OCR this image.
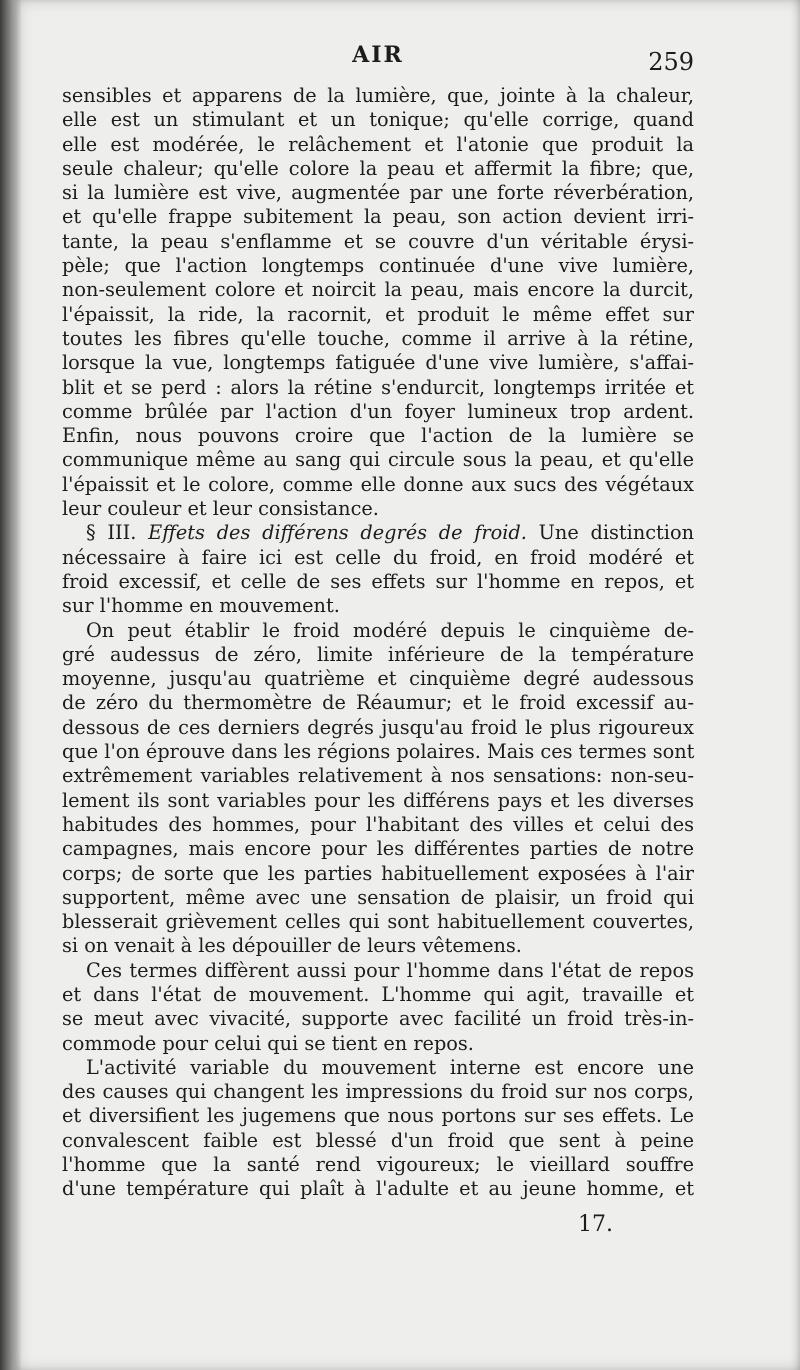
AIR	259
sensibles et apparens de la lumière, que, jointe à la chaleur,
elle est un stimulant et un tonique; qu'elle corrige, quand
elle est modérée, le relâchement et l'atonie que produit la
seule chaleur; qu'elle colore la peau et affermit la fibre; que,
si la lumière est vive, augmentée par une forte réverbération,
et qu'elle frappe subitement la peau, son action devient irri-
tante, la peau s'enflamme et se couvre d'un véritable érysi-
pèle; que l'action longtemps continuée d'une vive lumière,
non-seulement colore et noircit la peau, mais encore la durcit,
l'épaissit, la ride, la racornit, et produit le même effet sur
toutes les fibres qu'elle touche, comme il arrive à la rétine,
lorsque la vue, longtemps fatiguée d'une vive lumière, s'affai-
blit et se perd : alors la rétine s'endurcit, longtemps irritée et
comme brûlée par l'action d'un foyer lumineux trop ardent.
Enfin, nous pouvons croire que l'action de la lumière se
communique même au sang qui circule sous la peau, et qu'elle
l'épaissit et le colore, comme elle donne aux sucs des végétaux
leur couleur et leur consistance.
§ III. Effets des différens degrés de froid. Une distinction
nécessaire à faire ici est celle du froid, en froid modéré et
froid excessif, et celle de ses effets sur l'homme en repos, et
sur l'homme en mouvement.
On peut établir le froid modéré depuis le cinquième de-
gré audessus de zéro, limite inférieure de la température
moyenne, jusqu'au quatrième et cinquième degré audessous
de zéro du thermomètre de Réaumur; et le froid excessif au-
dessous de ces derniers degrés jusqu'au froid le plus rigoureux
que l'on éprouve dans les régions polaires. Mais ces termes sont
extrêmement variables relativement à nos sensations: non-seu-
lement ils sont variables pour les différens pays et les diverses
habitudes des hommes, pour l'habitant des villes et celui des
campagnes, mais encore pour les différentes parties de notre
corps; de sorte que les parties habituellement exposées à l'air
supportent, même avec une sensation de plaisir, un froid qui
blesserait grièvement celles qui sont habituellement couvertes,
si on venait à les dépouiller de leurs vêtemens.
Ces termes diffèrent aussi pour l'homme dans l'état de repos
et dans l'état de mouvement. L'homme qui agit, travaille et
se meut avec vivacité, supporte avec facilité un froid très-in-
commode pour celui qui se tient en repos.
L'activité variable du mouvement interne est encore une
des causes qui changent les impressions du froid sur nos corps,
et diversifient les jugemens que nous portons sur ses effets. Le
convalescent faible est blessé d'un froid que sent à peine
l'homme que la santé rend vigoureux; le vieillard souffre
d'une température qui plaît à l'adulte et au jeune homme, et
17.
